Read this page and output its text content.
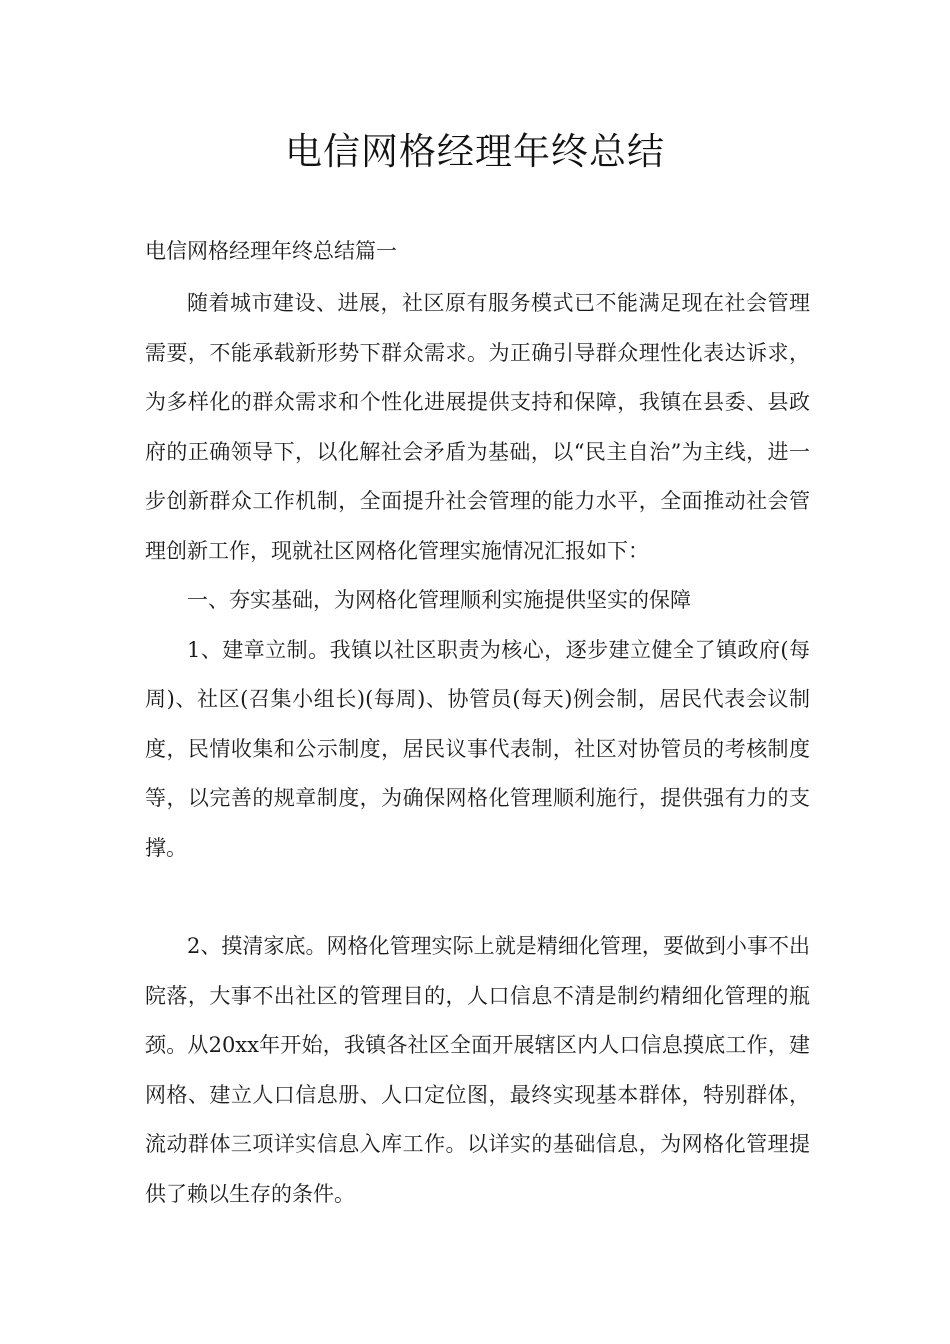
电信网格经理年终总结
电信网格经理年终总结篇一

随着城市建设、进展，社区原有服务模式已不能满足现在社会管理需要，不能承载新形势下群众需求。为正确引导群众理性化表达诉求，为多样化的群众需求和个性化进展提供支持和保障，我镇在县委、县政府的正确领导下，以化解社会矛盾为基础，以“民主自治”为主线，进一步创新群众工作机制，全面提升社会管理的能力水平，全面推动社会管理创新工作，现就社区网格化管理实施情况汇报如下：

一、夯实基础，为网格化管理顺利实施提供坚实的保障

1、建章立制。我镇以社区职责为核心，逐步建立健全了镇政府(每周)、社区(召集小组长)(每周)、协管员(每天)例会制，居民代表会议制度，民情收集和公示制度，居民议事代表制，社区对协管员的考核制度等，以完善的规章制度，为确保网格化管理顺利施行，提供强有力的支撑。

2、摸清家底。网格化管理实际上就是精细化管理，要做到小事不出院落，大事不出社区的管理目的，人口信息不清是制约精细化管理的瓶颈。从20xx年开始，我镇各社区全面开展辖区内人口信息摸底工作，建网格、建立人口信息册、人口定位图，最终实现基本群体，特别群体，流动群体三项详实信息入库工作。以详实的基础信息，为网格化管理提供了赖以生存的条件。
